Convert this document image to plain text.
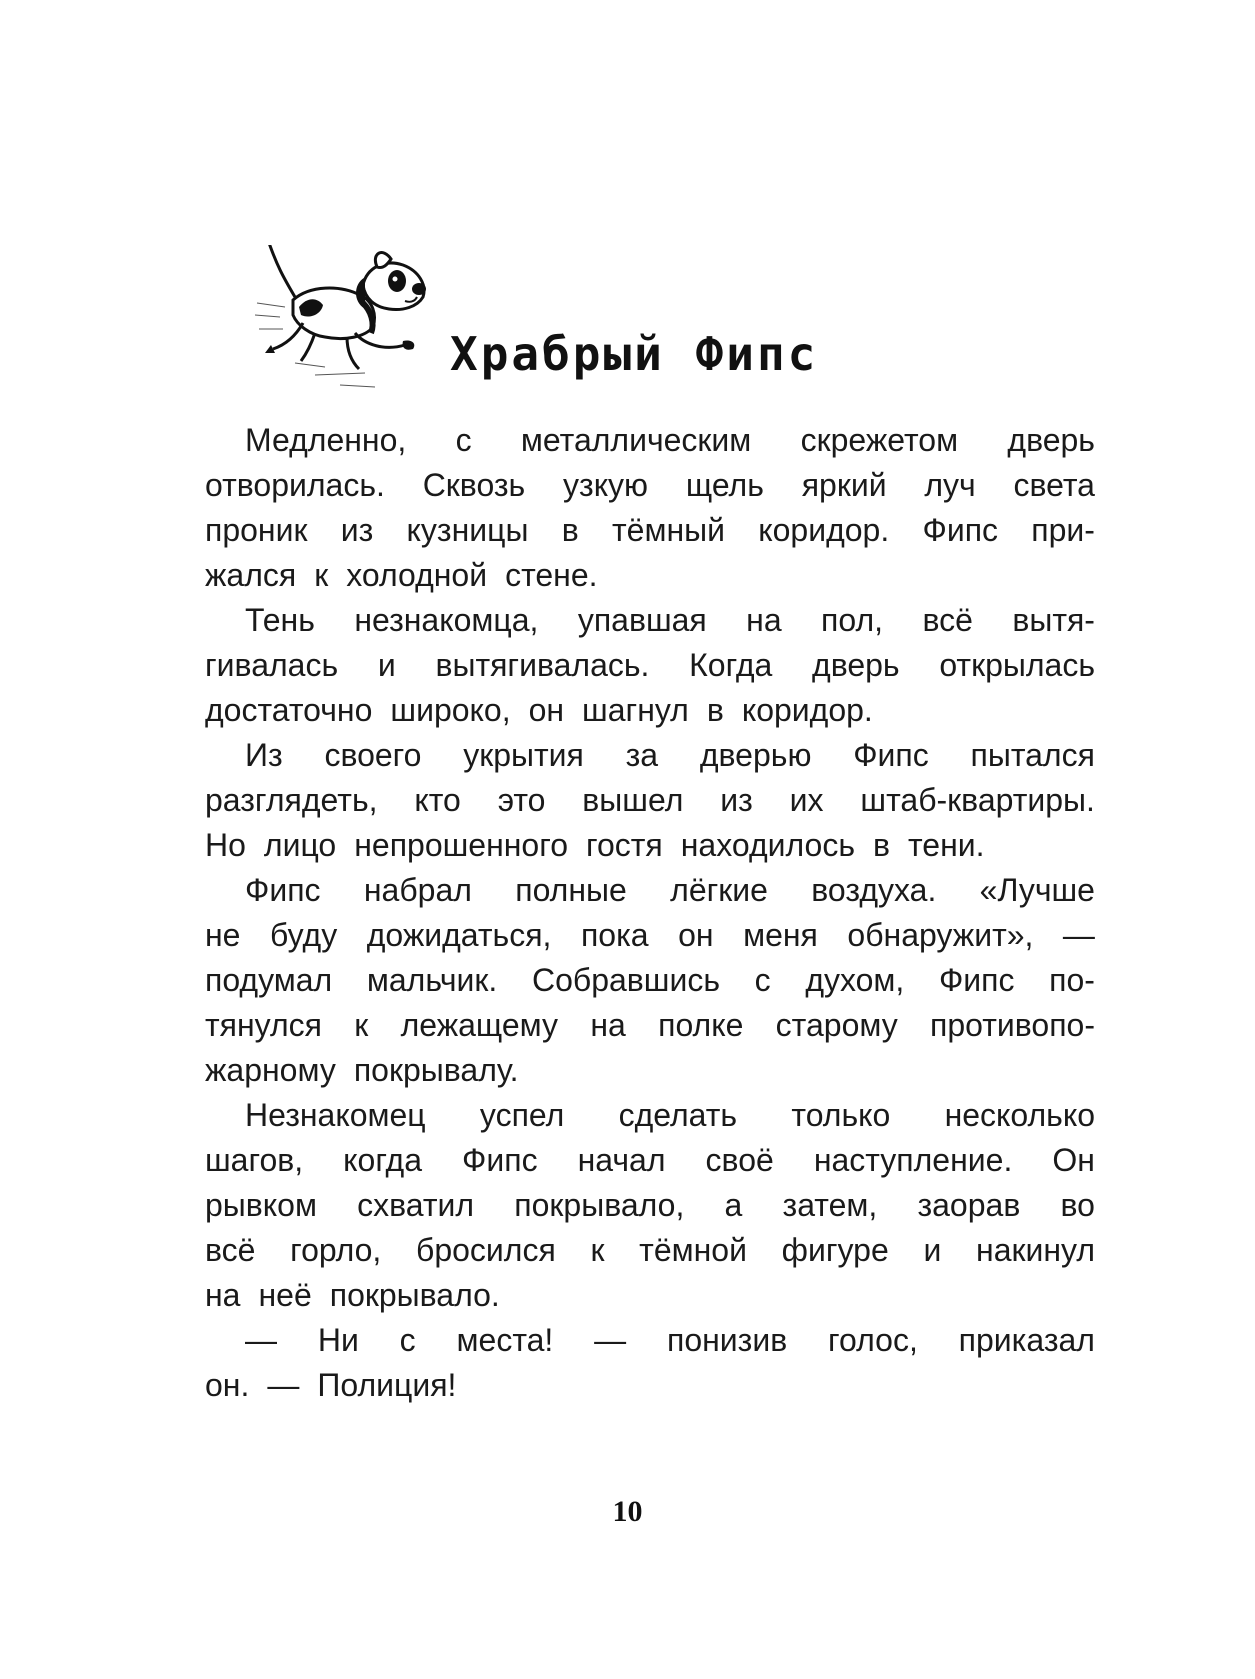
Храбрый Фипс
Медленно, с металлическим скрежетом дверь
отворилась. Сквозь узкую щель яркий луч света
проник из кузницы в тёмный коридор. Фипс при-
жался к холодной стене.
Тень незнакомца, упавшая на пол, всё вытя-
гивалась и вытягивалась. Когда дверь открылась
достаточно широко, он шагнул в коридор.
Из своего укрытия за дверью Фипс пытался
разглядеть, кто это вышел из их штаб-квартиры.
Но лицо непрошенного гостя находилось в тени.
Фипс набрал полные лёгкие воздуха. «Лучше
не буду дожидаться, пока он меня обнаружит», —
подумал мальчик. Собравшись с духом, Фипс по-
тянулся к лежащему на полке старому противопо-
жарному покрывалу.
Незнакомец успел сделать только несколько
шагов, когда Фипс начал своё наступление. Он
рывком схватил покрывало, а затем, заорав во
всё горло, бросился к тёмной фигуре и накинул
на неё покрывало.
— Ни с места! — понизив голос, приказал
он. — Полиция!
10
